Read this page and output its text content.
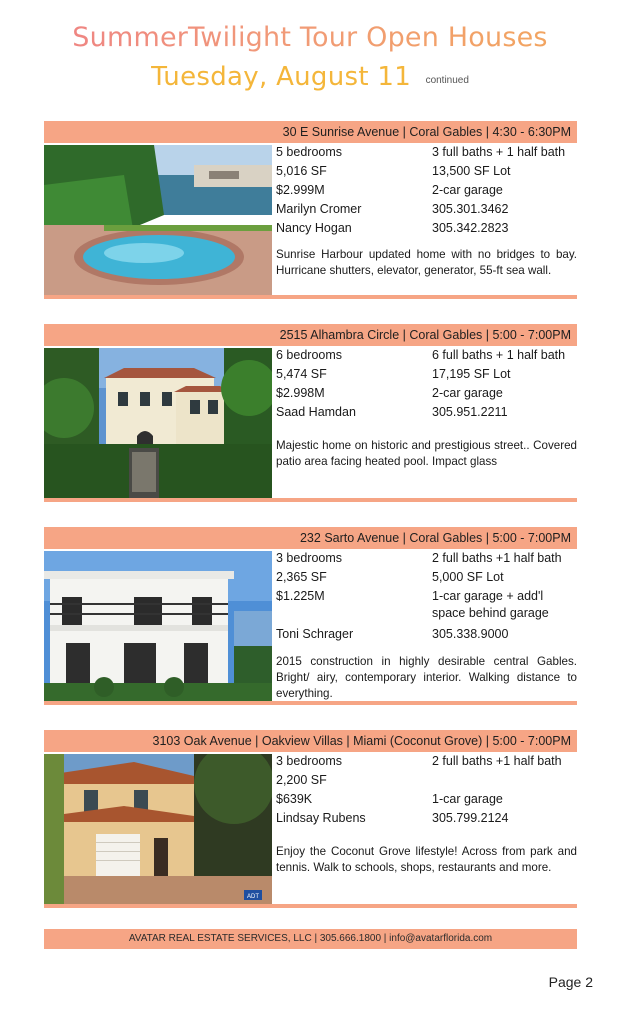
SummerTwilight Tour Open Houses
Tuesday, August 11 continued
30 E Sunrise Avenue | Coral Gables | 4:30 - 6:30PM
5 bedrooms	3 full baths + 1 half bath
5,016 SF	13,500 SF Lot
$2.999M	2-car garage
Marilyn Cromer	305.301.3462
Nancy Hogan	305.342.2823
Sunrise Harbour updated home with no bridges to bay. Hurricane shutters, elevator, generator, 55-ft sea wall.
2515 Alhambra Circle | Coral Gables | 5:00 - 7:00PM
6 bedrooms	6 full baths + 1 half bath
5,474 SF	17,195 SF Lot
$2.998M	2-car garage
Saad Hamdan	305.951.2211
Majestic home on historic and prestigious street.. Covered patio area facing heated pool. Impact glass
232 Sarto Avenue | Coral Gables | 5:00 - 7:00PM
3 bedrooms	2 full baths +1 half bath
2,365 SF	5,000 SF Lot
$1.225M	1-car garage + add'l space behind garage
Toni Schrager	305.338.9000
2015 construction in highly desirable central Gables. Bright/ airy, contemporary interior. Walking distance to everything.
3103 Oak Avenue | Oakview Villas | Miami (Coconut Grove) | 5:00 - 7:00PM
ADT
3 bedrooms	2 full baths +1 half bath
2,200 SF
$639K	1-car garage
Lindsay Rubens	305.799.2124
Enjoy the Coconut Grove lifestyle! Across from park and tennis. Walk to schools, shops, restaurants and more.
AVATAR REAL ESTATE SERVICES, LLC | 305.666.1800 | info@avatarflorida.com
Page 2
